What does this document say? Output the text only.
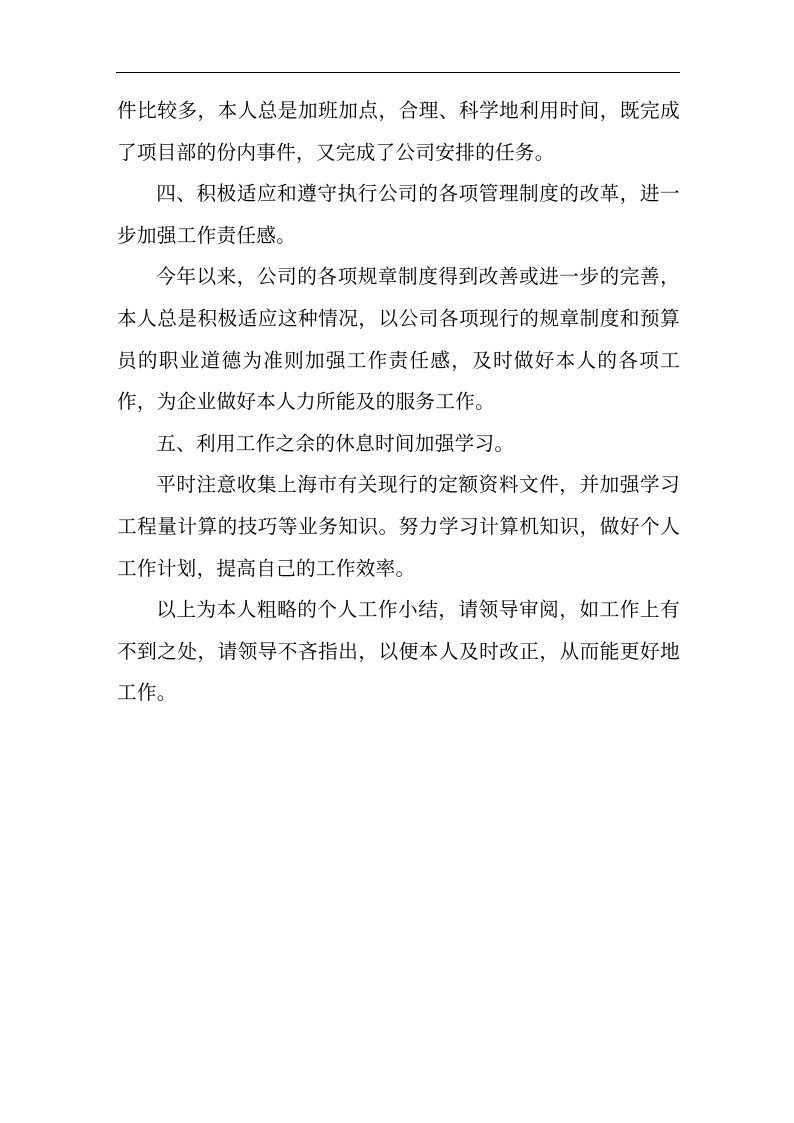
件比较多，本人总是加班加点，合理、科学地利用时间，既完成了项目部的份内事件，又完成了公司安排的任务。

四、积极适应和遵守执行公司的各项管理制度的改革，进一步加强工作责任感。

今年以来，公司的各项规章制度得到改善或进一步的完善，本人总是积极适应这种情况，以公司各项现行的规章制度和预算员的职业道德为准则加强工作责任感，及时做好本人的各项工作，为企业做好本人力所能及的服务工作。

五、利用工作之余的休息时间加强学习。

平时注意收集上海市有关现行的定额资料文件，并加强学习工程量计算的技巧等业务知识。努力学习计算机知识，做好个人工作计划，提高自己的工作效率。

以上为本人粗略的个人工作小结，请领导审阅，如工作上有不到之处，请领导不吝指出，以便本人及时改正，从而能更好地工作。
